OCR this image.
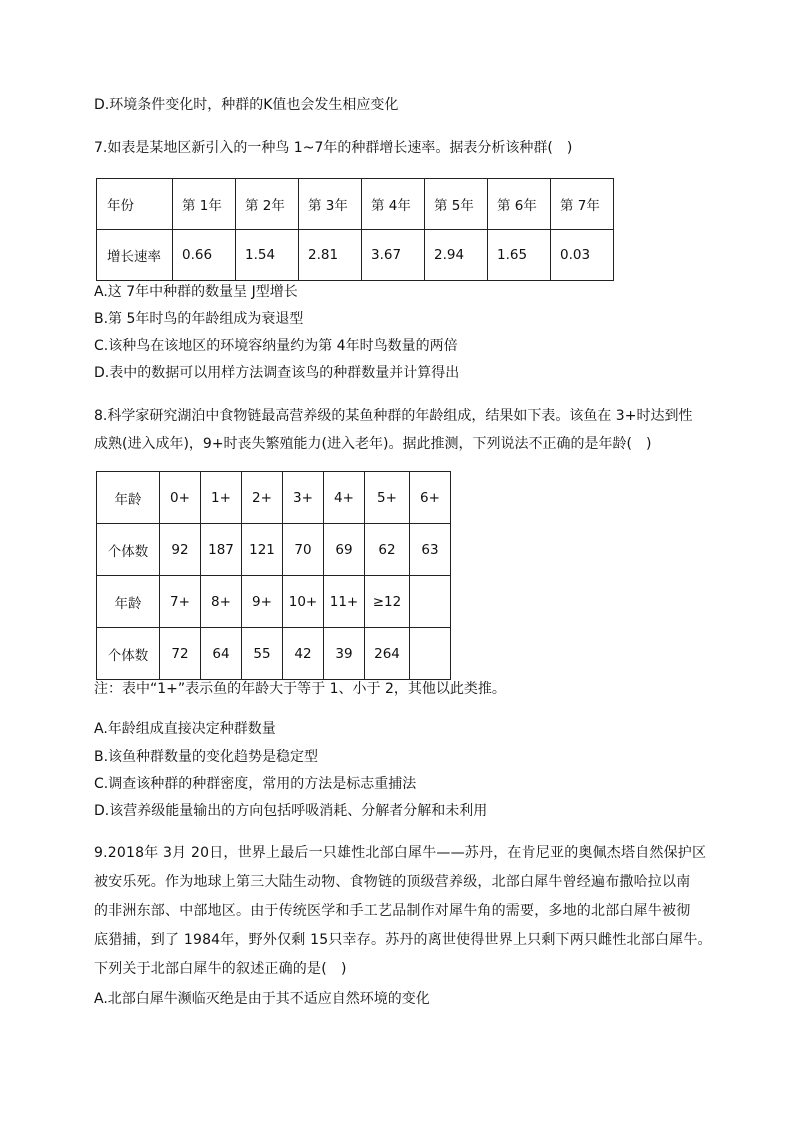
D.环境条件变化时，种群的K值也会发生相应变化
7.如表是某地区新引入的一种鸟 1~7年的种群增长速率。据表分析该种群(　)
年份	第 1年	第 2年	第 3年	第 4年	第 5年	第 6年	第 7年
增长速率	0.66	1.54	2.81	3.67	2.94	1.65	0.03
A.这 7年中种群的数量呈 J型增长
B.第 5年时鸟的年龄组成为衰退型
C.该种鸟在该地区的环境容纳量约为第 4年时鸟数量的两倍
D.表中的数据可以用样方法调查该鸟的种群数量并计算得出
8.科学家研究湖泊中食物链最高营养级的某鱼种群的年龄组成，结果如下表。该鱼在 3+时达到性
成熟(进入成年)，9+时丧失繁殖能力(进入老年)。据此推测，下列说法不正确的是年龄(　)
年龄	0+	1+	2+	3+	4+	5+	6+
个体数	92	187	121	70	69	62	63
年龄	7+	8+	9+	10+	11+	≥12	
个体数	72	64	55	42	39	264	
注：表中“1+”表示鱼的年龄大于等于 1、小于 2，其他以此类推。
A.年龄组成直接决定种群数量
B.该鱼种群数量的变化趋势是稳定型
C.调查该种群的种群密度，常用的方法是标志重捕法
D.该营养级能量输出的方向包括呼吸消耗、分解者分解和未利用
9.2018年 3月 20日，世界上最后一只雄性北部白犀牛——苏丹，在肯尼亚的奥佩杰塔自然保护区
被安乐死。作为地球上第三大陆生动物、食物链的顶级营养级，北部白犀牛曾经遍布撒哈拉以南
的非洲东部、中部地区。由于传统医学和手工艺品制作对犀牛角的需要，多地的北部白犀牛被彻
底猎捕，到了 1984年，野外仅剩 15只幸存。苏丹的离世使得世界上只剩下两只雌性北部白犀牛。
下列关于北部白犀牛的叙述正确的是(　)
A.北部白犀牛濒临灭绝是由于其不适应自然环境的变化
